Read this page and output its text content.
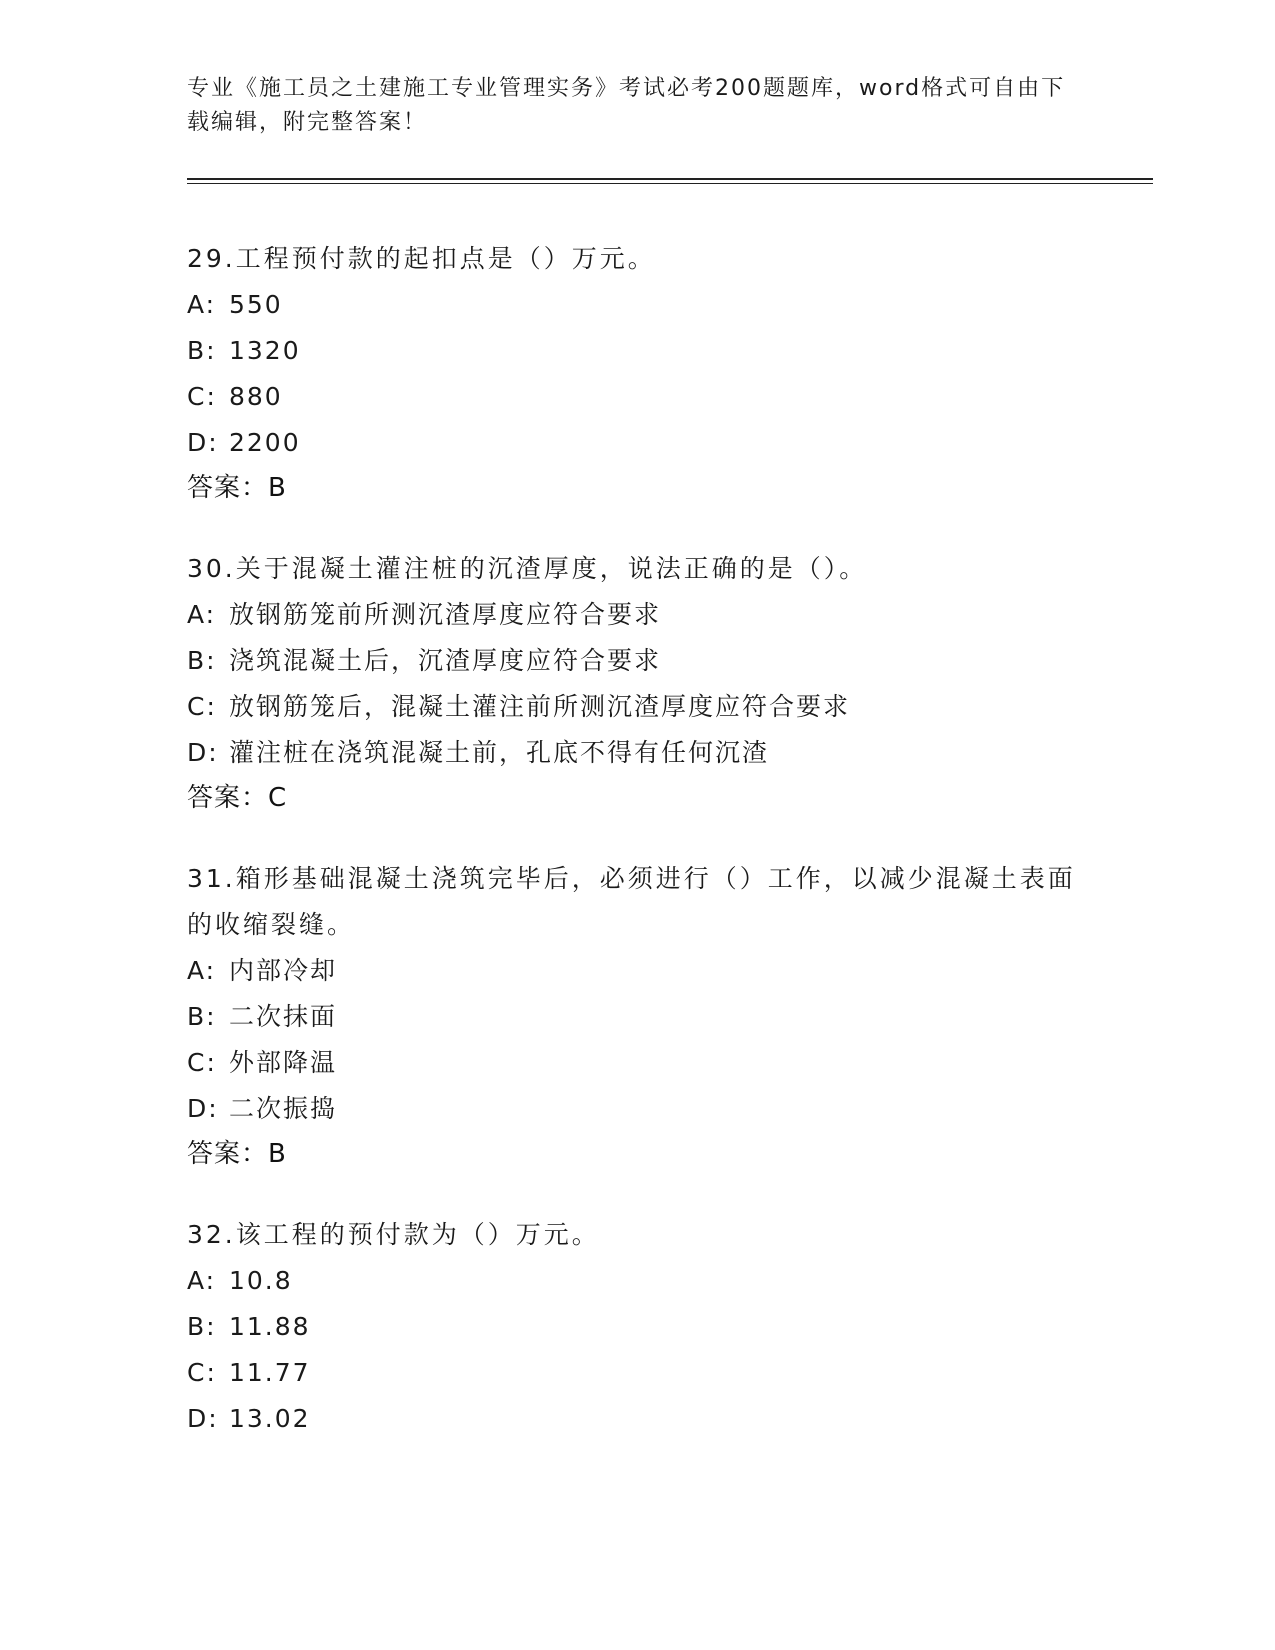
专业《施工员之土建施工专业管理实务》考试必考200题题库，word格式可自由下载编辑，附完整答案！
29.工程预付款的起扣点是（）万元。
A: 550
B: 1320
C: 880
D: 2200
答案：B
30.关于混凝土灌注桩的沉渣厚度，说法正确的是（）。
A: 放钢筋笼前所测沉渣厚度应符合要求
B: 浇筑混凝土后，沉渣厚度应符合要求
C: 放钢筋笼后，混凝土灌注前所测沉渣厚度应符合要求
D: 灌注桩在浇筑混凝土前，孔底不得有任何沉渣
答案：C
31.箱形基础混凝土浇筑完毕后，必须进行（）工作，以减少混凝土表面的收缩裂缝。
A: 内部冷却
B: 二次抹面
C: 外部降温
D: 二次振捣
答案：B
32.该工程的预付款为（）万元。
A: 10.8
B: 11.88
C: 11.77
D: 13.02
